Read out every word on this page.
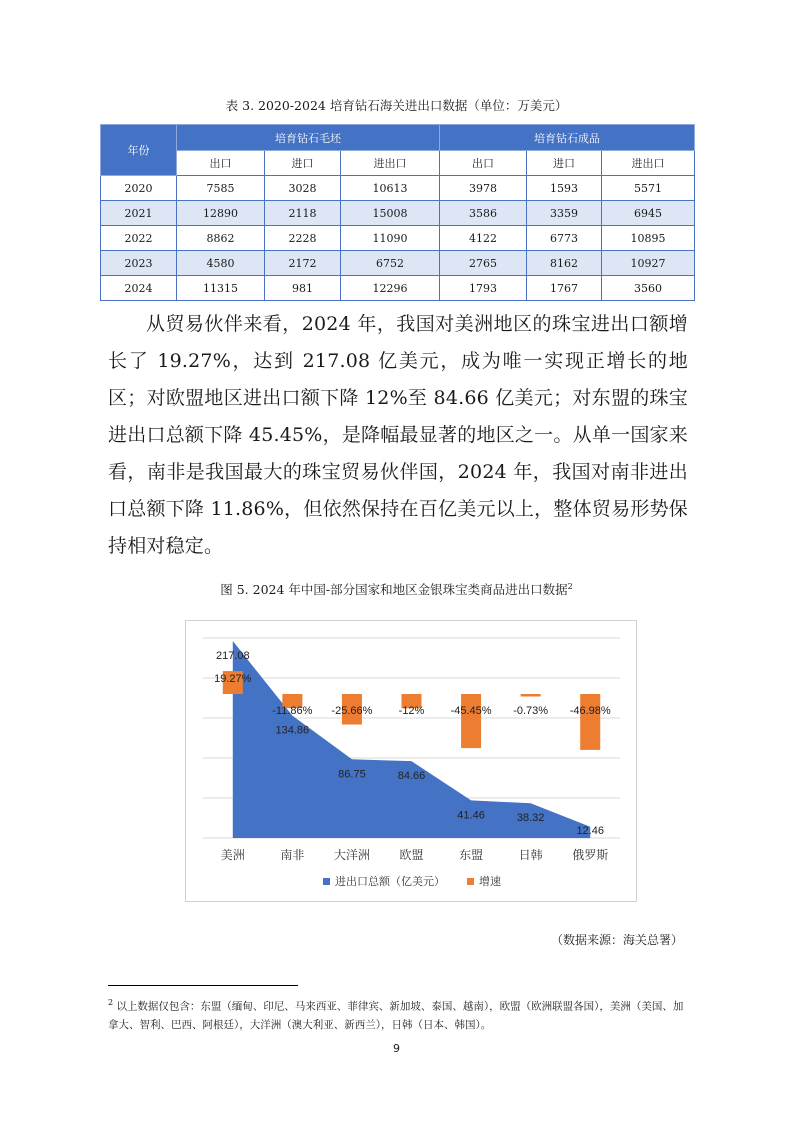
表 3. 2020-2024 培育钻石海关进出口数据（单位：万美元）
年份	培育钻石毛坯			培育钻石成品		
	出口	进口	进出口	出口	进口	进出口
2020	7585	3028	10613	3978	1593	5571
2021	12890	2118	15008	3586	3359	6945
2022	8862	2228	11090	4122	6773	10895
2023	4580	2172	6752	2765	8162	10927
2024	11315	981	12296	1793	1767	3560

从贸易伙伴来看，2024 年，我国对美洲地区的珠宝进出口额增长了 19.27%，达到 217.08 亿美元，成为唯一实现正增长的地区；对欧盟地区进出口额下降 12%至 84.66 亿美元；对东盟的珠宝进出口总额下降 45.45%，是降幅最显著的地区之一。从单一国家来看，南非是我国最大的珠宝贸易伙伴国，2024 年，我国对南非进出口总额下降 11.86%，但依然保持在百亿美元以上，整体贸易形势保持相对稳定。

图 5. 2024 年中国-部分国家和地区金银珠宝类商品进出口数据$^2$
19.27%
-11.86% -25.66% -12% -45.45% -0.73% -46.98%
217.08
134.86
86.75	84.66
41.46	38.32
12.46
美洲	南非 大洋洲 欧盟	东盟	日韩 俄罗斯
进出口总额（亿美元）	增速
（数据来源：海关总署）
$^2$ 以上数据仅包含：东盟（缅甸、印尼、马来西亚、菲律宾、新加坡、泰国、越南），欧盟（欧洲联盟各国），美洲（美国、加拿大、智利、巴西、阿根廷），大洋洲（澳大利亚、新西兰），日韩（日本、韩国）。
9
